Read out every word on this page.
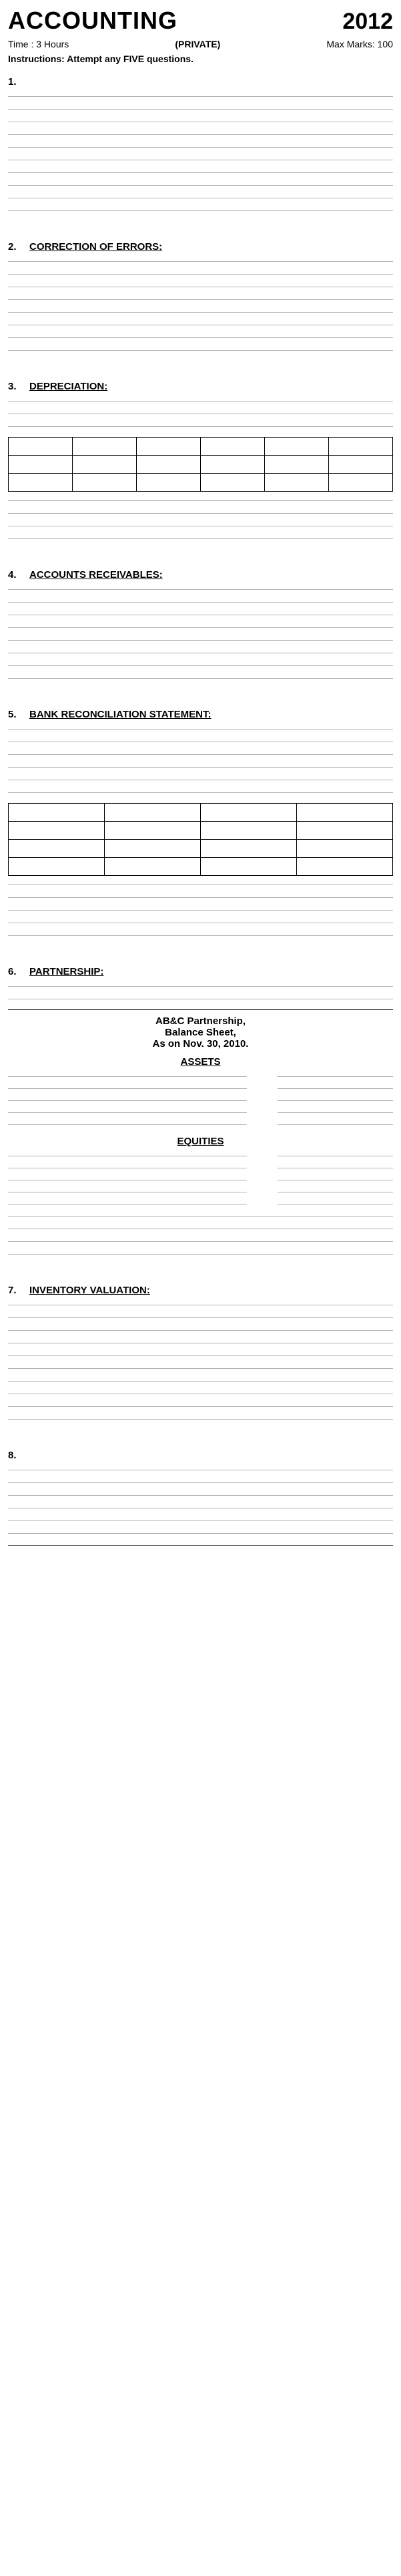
ACCOUNTING	2012
Time : 3 Hours	(PRIVATE)	Max Marks: 100
Instructions: Attempt any FIVE questions.
1.
2.	CORRECTION OF ERRORS:
3.	DEPRECIATION:

4.	ACCOUNTS RECEIVABLES:
5.	BANK RECONCILIATION STATEMENT:

6.	PARTNERSHIP:
AB&C Partnership,
Balance Sheet,
As on Nov. 30, 2010.
ASSETS
EQUITIES
7.	INVENTORY VALUATION:
8.
